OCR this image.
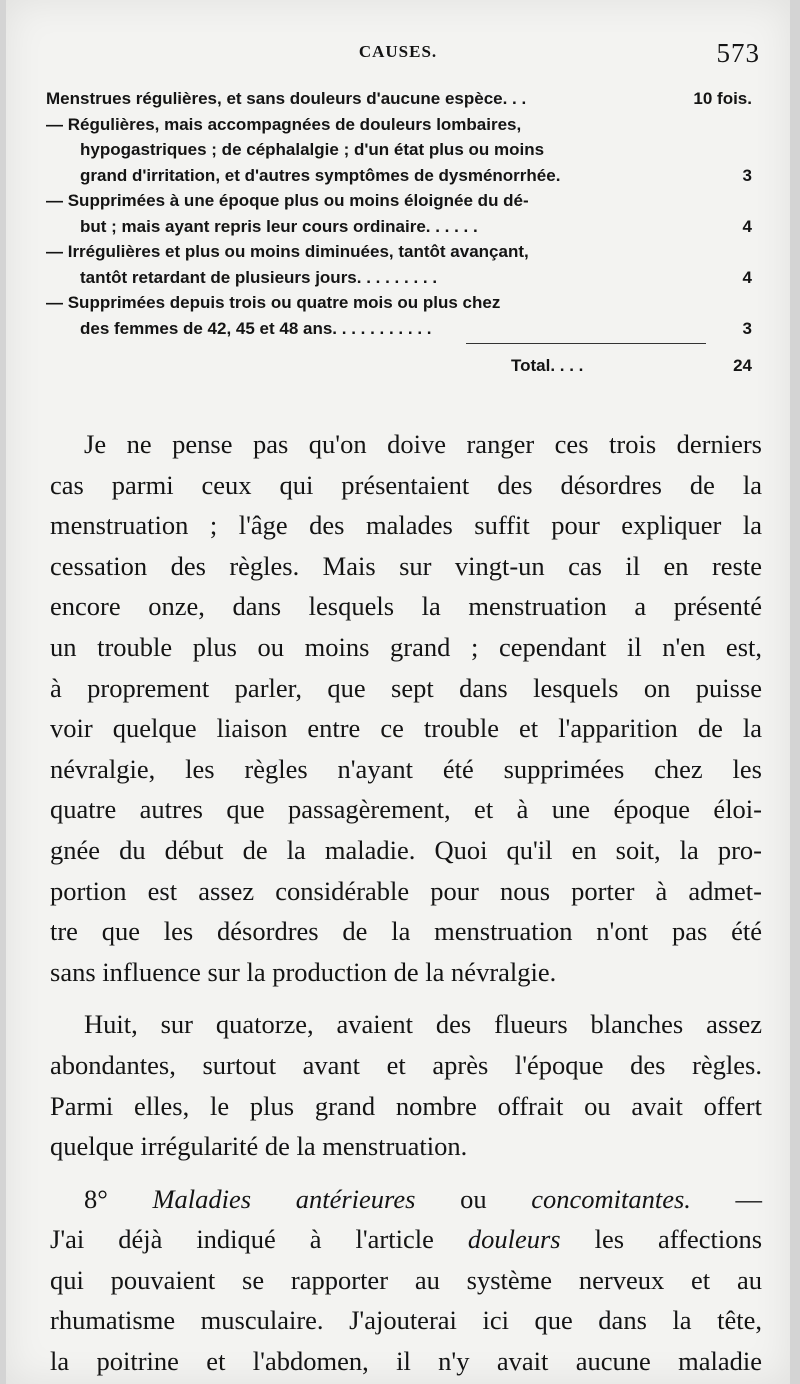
CAUSES.	573
Menstrues régulières, et sans douleurs d'aucune espèce. . .	10 fois.
— Régulières, mais accompagnées de douleurs lombaires,
hypogastriques ; de céphalalgie ; d'un état plus ou moins
grand d'irritation, et d'autres symptômes de dysménorrhée.	3
— Supprimées à une époque plus ou moins éloignée du dé-
but ; mais ayant repris leur cours ordinaire. . . . . .	4
— Irrégulières et plus ou moins diminuées, tantôt avançant,
tantôt retardant de plusieurs jours. . . . . . . . .	4
— Supprimées depuis trois ou quatre mois ou plus chez
des femmes de 42, 45 et 48 ans. . . . . . . . . . .	3
Total. . . .	24

Je ne pense pas qu'on doive ranger ces trois derniers
cas parmi ceux qui présentaient des désordres de la
menstruation ; l'âge des malades suffit pour expliquer la
cessation des règles. Mais sur vingt-un cas il en reste
encore onze, dans lesquels la menstruation a présenté
un trouble plus ou moins grand ; cependant il n'en est,
à proprement parler, que sept dans lesquels on puisse
voir quelque liaison entre ce trouble et l'apparition de la
névralgie, les règles n'ayant été supprimées chez les
quatre autres que passagèrement, et à une époque éloi-
gnée du début de la maladie. Quoi qu'il en soit, la pro-
portion est assez considérable pour nous porter à admet-
tre que les désordres de la menstruation n'ont pas été
sans influence sur la production de la névralgie.

Huit, sur quatorze, avaient des flueurs blanches assez
abondantes, surtout avant et après l'époque des règles.
Parmi elles, le plus grand nombre offrait ou avait offert
quelque irrégularité de la menstruation.

8° Maladies antérieures ou concomitantes. —
J'ai déjà indiqué à l'article douleurs les affections
qui pouvaient se rapporter au système nerveux et au
rhumatisme musculaire. J'ajouterai ici que dans la tête,
la poitrine et l'abdomen, il n'y avait aucune maladie
